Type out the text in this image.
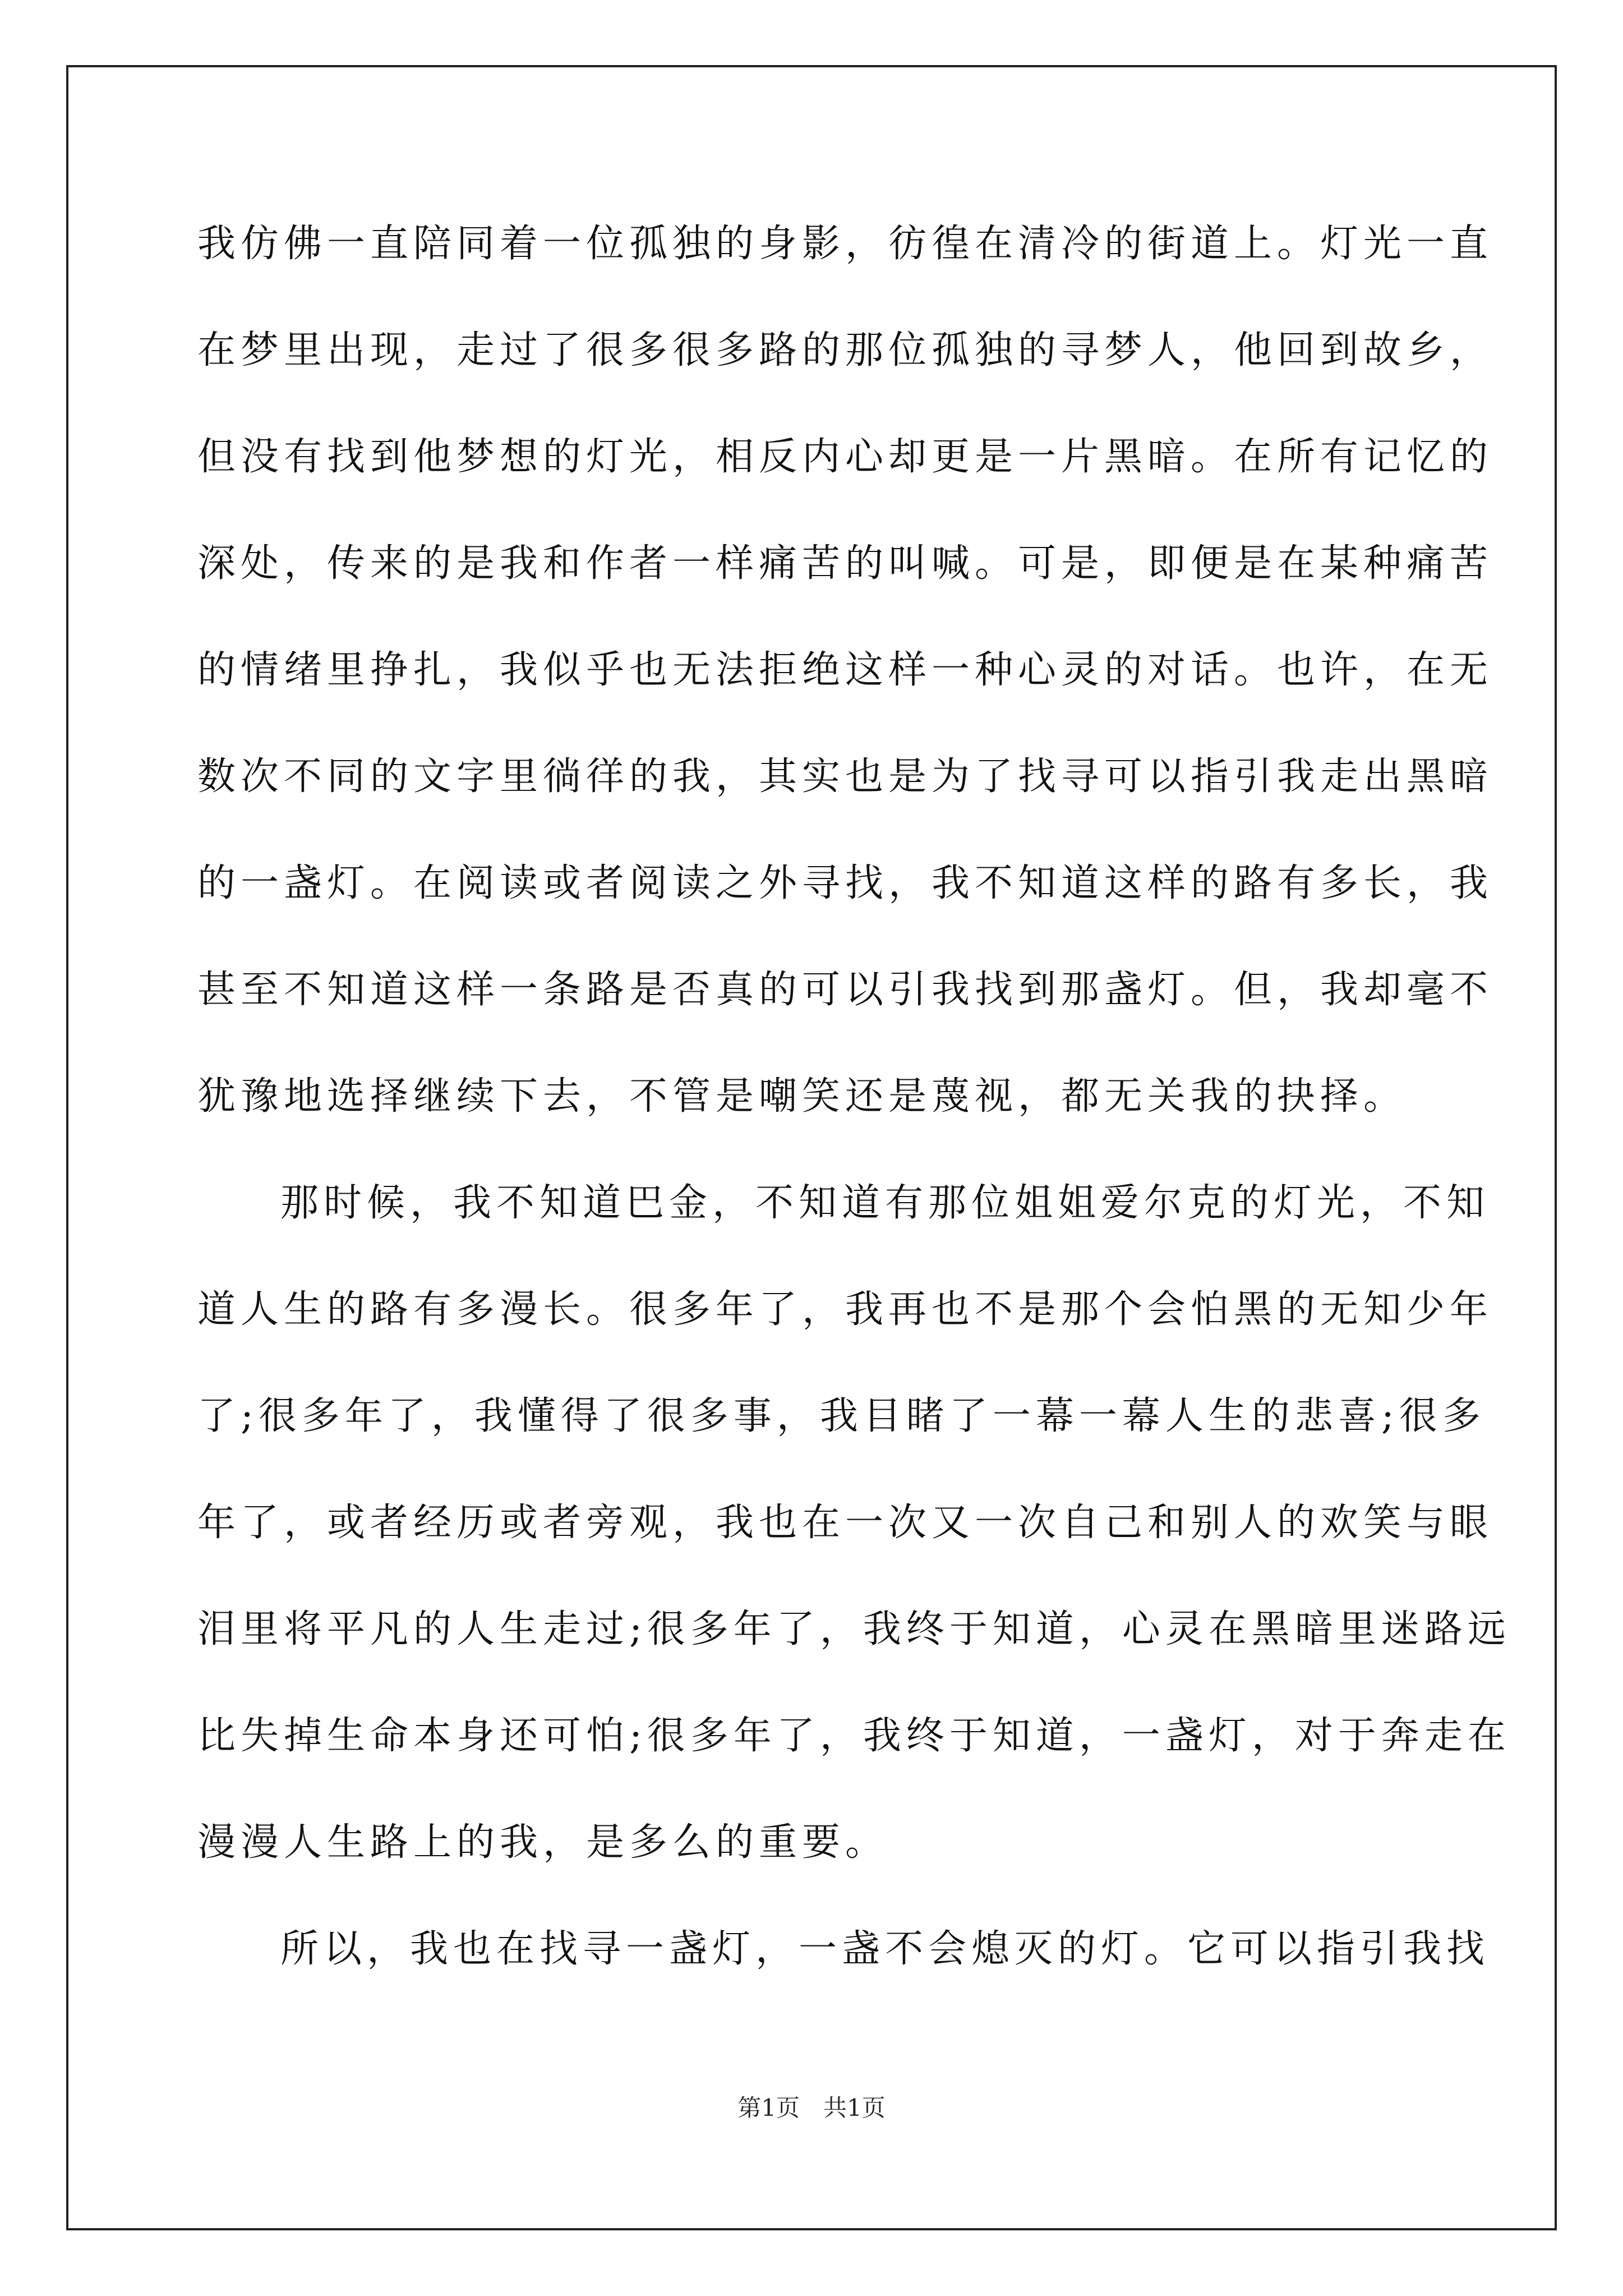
我仿佛一直陪同着一位孤独的身影，彷徨在清冷的街道上。灯光一直
在梦里出现，走过了很多很多路的那位孤独的寻梦人，他回到故乡，
但没有找到他梦想的灯光，相反内心却更是一片黑暗。在所有记忆的
深处，传来的是我和作者一样痛苦的叫喊。可是，即便是在某种痛苦
的情绪里挣扎，我似乎也无法拒绝这样一种心灵的对话。也许，在无
数次不同的文字里徜徉的我，其实也是为了找寻可以指引我走出黑暗
的一盏灯。在阅读或者阅读之外寻找，我不知道这样的路有多长，我
甚至不知道这样一条路是否真的可以引我找到那盏灯。但，我却毫不
犹豫地选择继续下去，不管是嘲笑还是蔑视，都无关我的抉择。
那时候，我不知道巴金，不知道有那位姐姐爱尔克的灯光，不知
道人生的路有多漫长。很多年了，我再也不是那个会怕黑的无知少年
了;很多年了，我懂得了很多事，我目睹了一幕一幕人生的悲喜;很多
年了，或者经历或者旁观，我也在一次又一次自己和别人的欢笑与眼
泪里将平凡的人生走过;很多年了，我终于知道，心灵在黑暗里迷路远
比失掉生命本身还可怕;很多年了，我终于知道，一盏灯，对于奔走在
漫漫人生路上的我，是多么的重要。
所以，我也在找寻一盏灯，一盏不会熄灭的灯。它可以指引我找
第1页　共1页
